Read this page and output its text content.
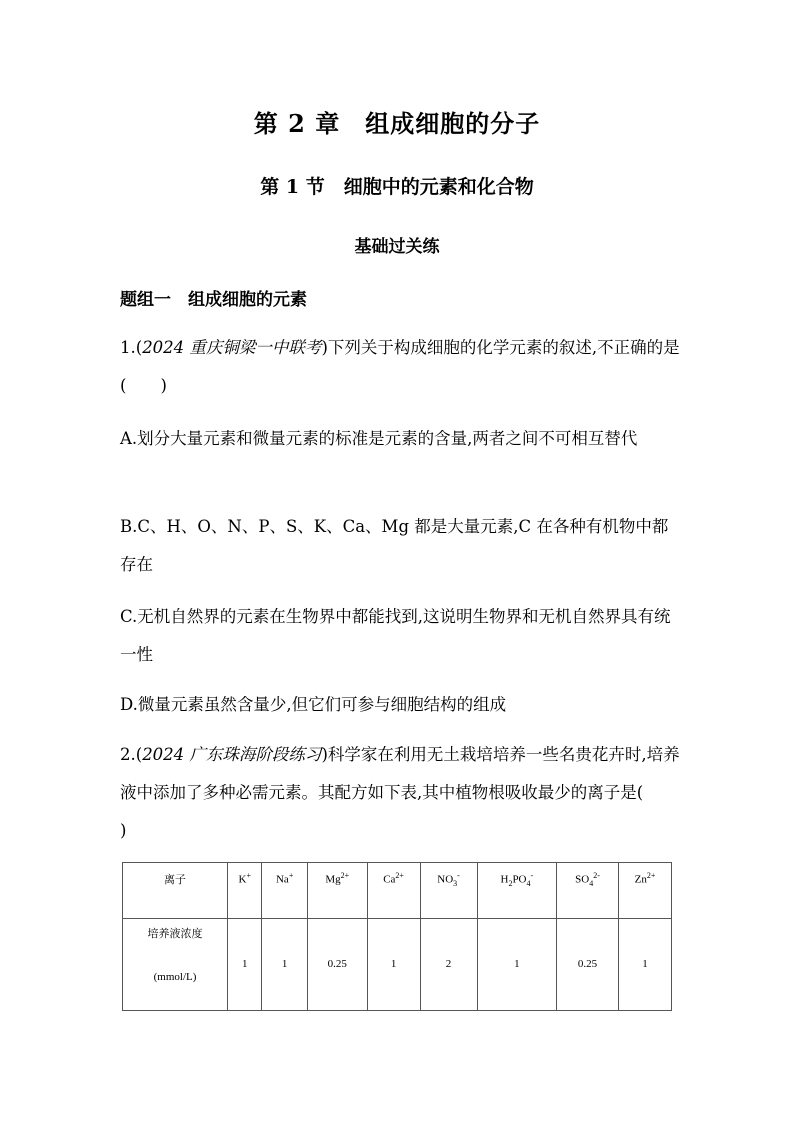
第 2 章　组成细胞的分子
第 1 节　细胞中的元素和化合物
基础过关练
题组一　组成细胞的元素
1.(2024 重庆铜梁一中联考)下列关于构成细胞的化学元素的叙述,不正确的是( )
A.划分大量元素和微量元素的标准是元素的含量,两者之间不可相互替代
B.C、H、O、N、P、S、K、Ca、Mg 都是大量元素,C 在各种有机物中都存在
C.无机自然界的元素在生物界中都能找到,这说明生物界和无机自然界具有统一性
D.微量元素虽然含量少,但它们可参与细胞结构的组成
2.(2024 广东珠海阶段练习)科学家在利用无土栽培培养一些名贵花卉时,培养液中添加了多种必需元素。其配方如下表,其中植物根吸收最少的离子是()
离子	K+	Na+	$Mg^{2+}$	$Ca^{2+}$	$NO_3^-$	$H_2PO_4^-$	$SO_4^{2-}$	$Zn^{2+}$
培养液浓度
(mmol/L)	1	1	0.25	1	2	1	0.25	1
